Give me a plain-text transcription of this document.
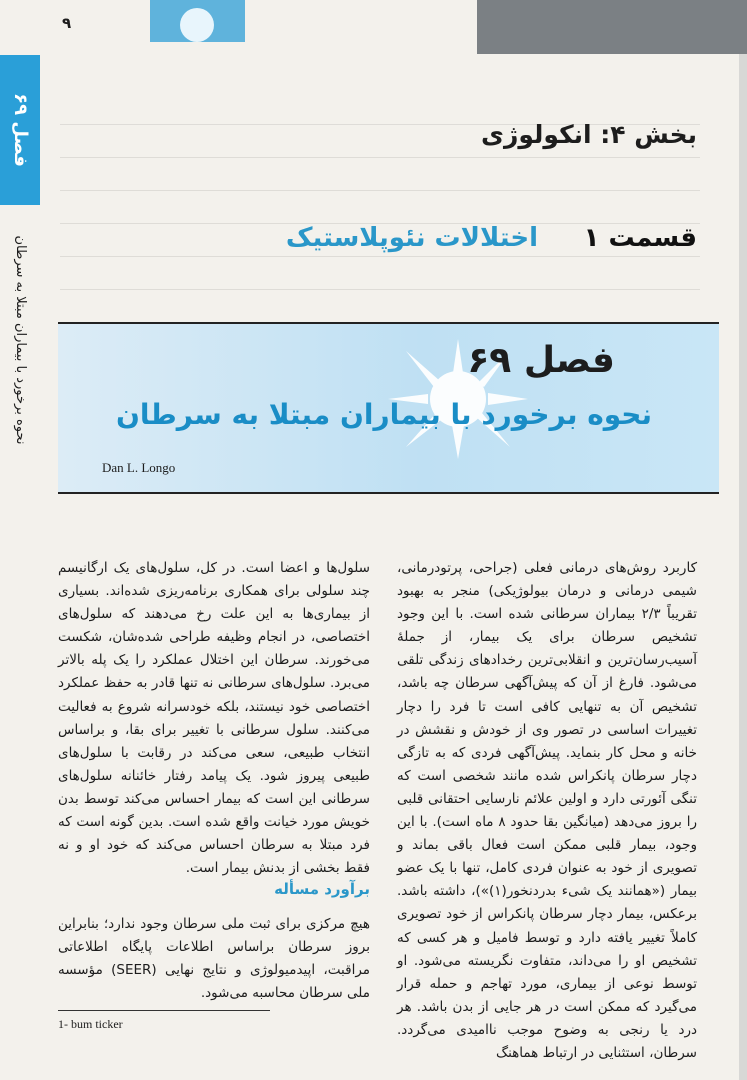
۹
فصل ۶۹
نحوه برخورد با بیماران مبتلا به سرطان
بخش ۴: انکولوژی
قسمت ۱ اختلالات نئوپلاستیک
فصل ۶۹
نحوه برخورد با بیماران مبتلا به سرطان
Dan L. Longo

کاربرد روش‌های درمانی فعلی (جراحی، پرتودرمانی، شیمی درمانی و درمان بیولوژیکی) منجر به بهبود تقریباً ۲/۳ بیماران سرطانی شده است. با این وجود تشخیص سرطان برای یک بیمار، از جملهٔ آسیب‌رسان‌ترین و انقلابی‌ترین رخدادهای زندگی تلقی می‌شود. فارغ از آن که پیش‌آگهی سرطان چه باشد، تشخیص آن به تنهایی کافی است تا فرد را دچار تغییرات اساسی در تصور وی از خودش و نقشش در خانه و محل کار بنماید. پیش‌آگهی فردی که به تازگی دچار سرطان پانکراس شده مانند شخصی است که تنگی آئورتی دارد و اولین علائم نارسایی احتقانی قلبی را بروز می‌دهد (میانگین بقا حدود ۸ ماه است). با این وجود، بیمار قلبی ممکن است فعال باقی بماند و تصویری از خود به عنوان فردی کامل، تنها با یک عضو بیمار («همانند یک شیء بدردنخور(۱)»)، داشته باشد. برعکس، بیمار دچار سرطان پانکراس از خود تصویری کاملاً تغییر یافته دارد و توسط فامیل و هر کسی که تشخیص او را می‌داند، متفاوت نگریسته می‌شود. او توسط نوعی از بیماری، مورد تهاجم و حمله قرار می‌گیرد که ممکن است در هر جایی از بدن باشد. هر درد یا رنجی به وضوح موجب ناامیدی می‌گردد. سرطان، استثنایی در ارتباط هماهنگ

سلول‌ها و اعضا است. در کل، سلول‌های یک ارگانیسم چند سلولی برای همکاری برنامه‌ریزی شده‌اند. بسیاری از بیماری‌ها به این علت رخ می‌دهند که سلول‌های اختصاصی، در انجام وظیفه طراحی شده‌شان، شکست می‌خورند. سرطان این اختلال عملکرد را یک پله بالاتر می‌برد. سلول‌های سرطانی نه تنها قادر به حفظ عملکرد اختصاصی خود نیستند، بلکه خودسرانه شروع به فعالیت می‌کنند. سلول سرطانی با تغییر برای بقا، و براساس انتخاب طبیعی، سعی می‌کند در رقابت با سلول‌های طبیعی پیروز شود. یک پیامد رفتار خائنانه سلول‌های سرطانی این است که بیمار احساس می‌کند توسط بدن خویش مورد خیانت واقع شده است. بدین گونه است که فرد مبتلا به سرطان احساس می‌کند که خود او و نه فقط بخشی از بدنش بیمار است.

برآورد مسأله
هیچ مرکزی برای ثبت ملی سرطان وجود ندارد؛ بنابراین بروز سرطان براساس اطلاعات پایگاه اطلاعاتی مراقبت، اپیدمیولوژی و نتایج نهایی (SEER) مؤسسه ملی سرطان محاسبه می‌شود.
1- bum ticker
